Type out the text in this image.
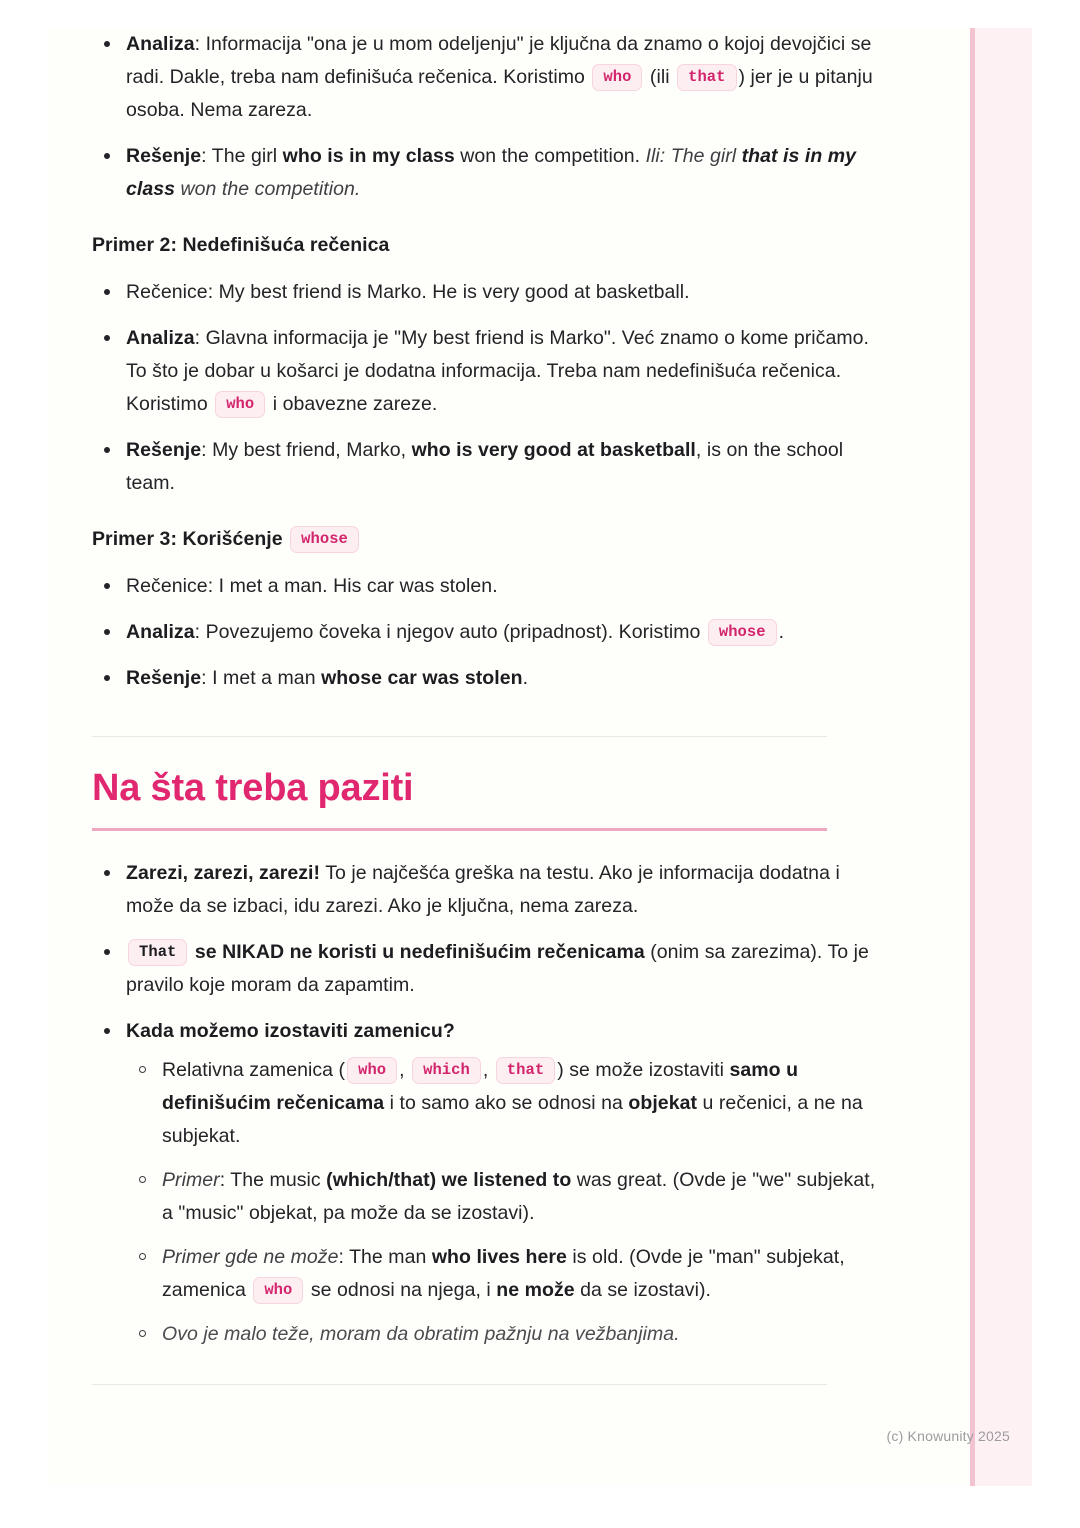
Analiza: Informacija "ona je u mom odeljenju" je ključna da znamo o kojoj devojčici se radi. Dakle, treba nam definišuća rečenica. Koristimo who (ili that ) jer je u pitanju osoba. Nema zareza.
Rešenje: The girl who is in my class won the competition. Ili: The girl that is in my class won the competition.
Primer 2: Nedefinišuća rečenica
Rečenice: My best friend is Marko. He is very good at basketball.
Analiza: Glavna informacija je "My best friend is Marko". Već znamo o kome pričamo. To što je dobar u košarci je dodatna informacija. Treba nam nedefinišuća rečenica. Koristimo who i obavezne zareze.
Rešenje: My best friend, Marko, who is very good at basketball, is on the school team.
Primer 3: Korišćenje whose
Rečenice: I met a man. His car was stolen.
Analiza: Povezujemo čoveka i njegov auto (pripadnost). Koristimo whose .
Rešenje: I met a man whose car was stolen.
Na šta treba paziti
Zarezi, zarezi, zarezi! To je najčešća greška na testu. Ako je informacija dodatna i može da se izbaci, idu zarezi. Ako je ključna, nema zareza.
That se NIKAD ne koristi u nedefinišućim rečenicama (onim sa zarezima). To je pravilo koje moram da zapamtim.
Kada možemo izostaviti zamenicu?
Relativna zamenica ( who , which , that ) se može izostaviti samo u definišućim rečenicama i to samo ako se odnosi na objekat u rečenici, a ne na subjekat.
Primer: The music (which/that) we listened to was great. (Ovde je "we" subjekat, a "music" objekat, pa može da se izostavi).
Primer gde ne može: The man who lives here is old. (Ovde je "man" subjekat, zamenica who se odnosi na njega, i ne može da se izostavi).
Ovo je malo teže, moram da obratim pažnju na vežbanjima.
(c) Knowunity 2025
